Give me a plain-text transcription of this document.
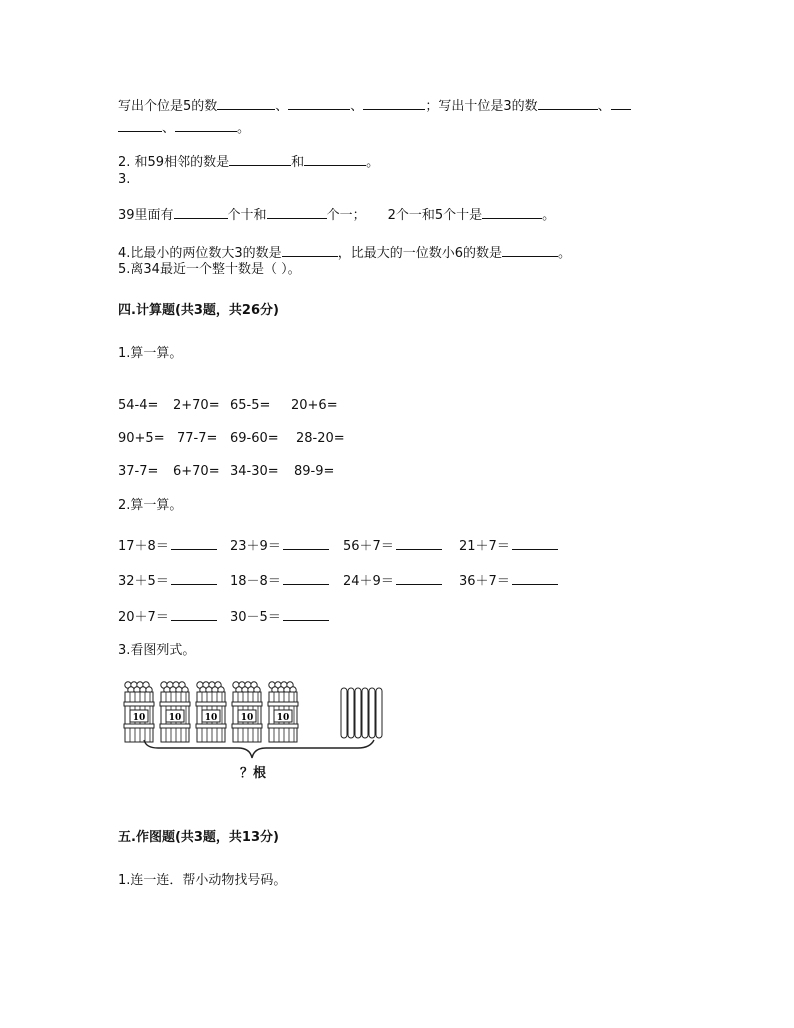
写出个位是5的数	、	、	；写出十位是3的数	、
、	。
2. 和59相邻的数是	和	。
3.
39里面有	个十和	个一； 2个一和5个十是	。
4.比最小的两位数大3的数是	，比最大的一位数小6的数是	。
5.离34最近一个整十数是（ ）。
四.计算题(共3题，共26分)
1.算一算。
54-4= 2+70= 65-5= 20+6=
90+5= 77-7= 69-60= 28-20=
37-7= 6+70= 34-30= 89-9=
2.算一算。
17＋8＝	23＋9＝	56＋7＝	21＋7＝
32＋5＝	18－8＝	24＋9＝	36＋7＝
20＋7＝	30－5＝
3.看图列式。
10	10	10	10	10
？根
五.作图题(共3题，共13分)
1.连一连．帮小动物找号码。
